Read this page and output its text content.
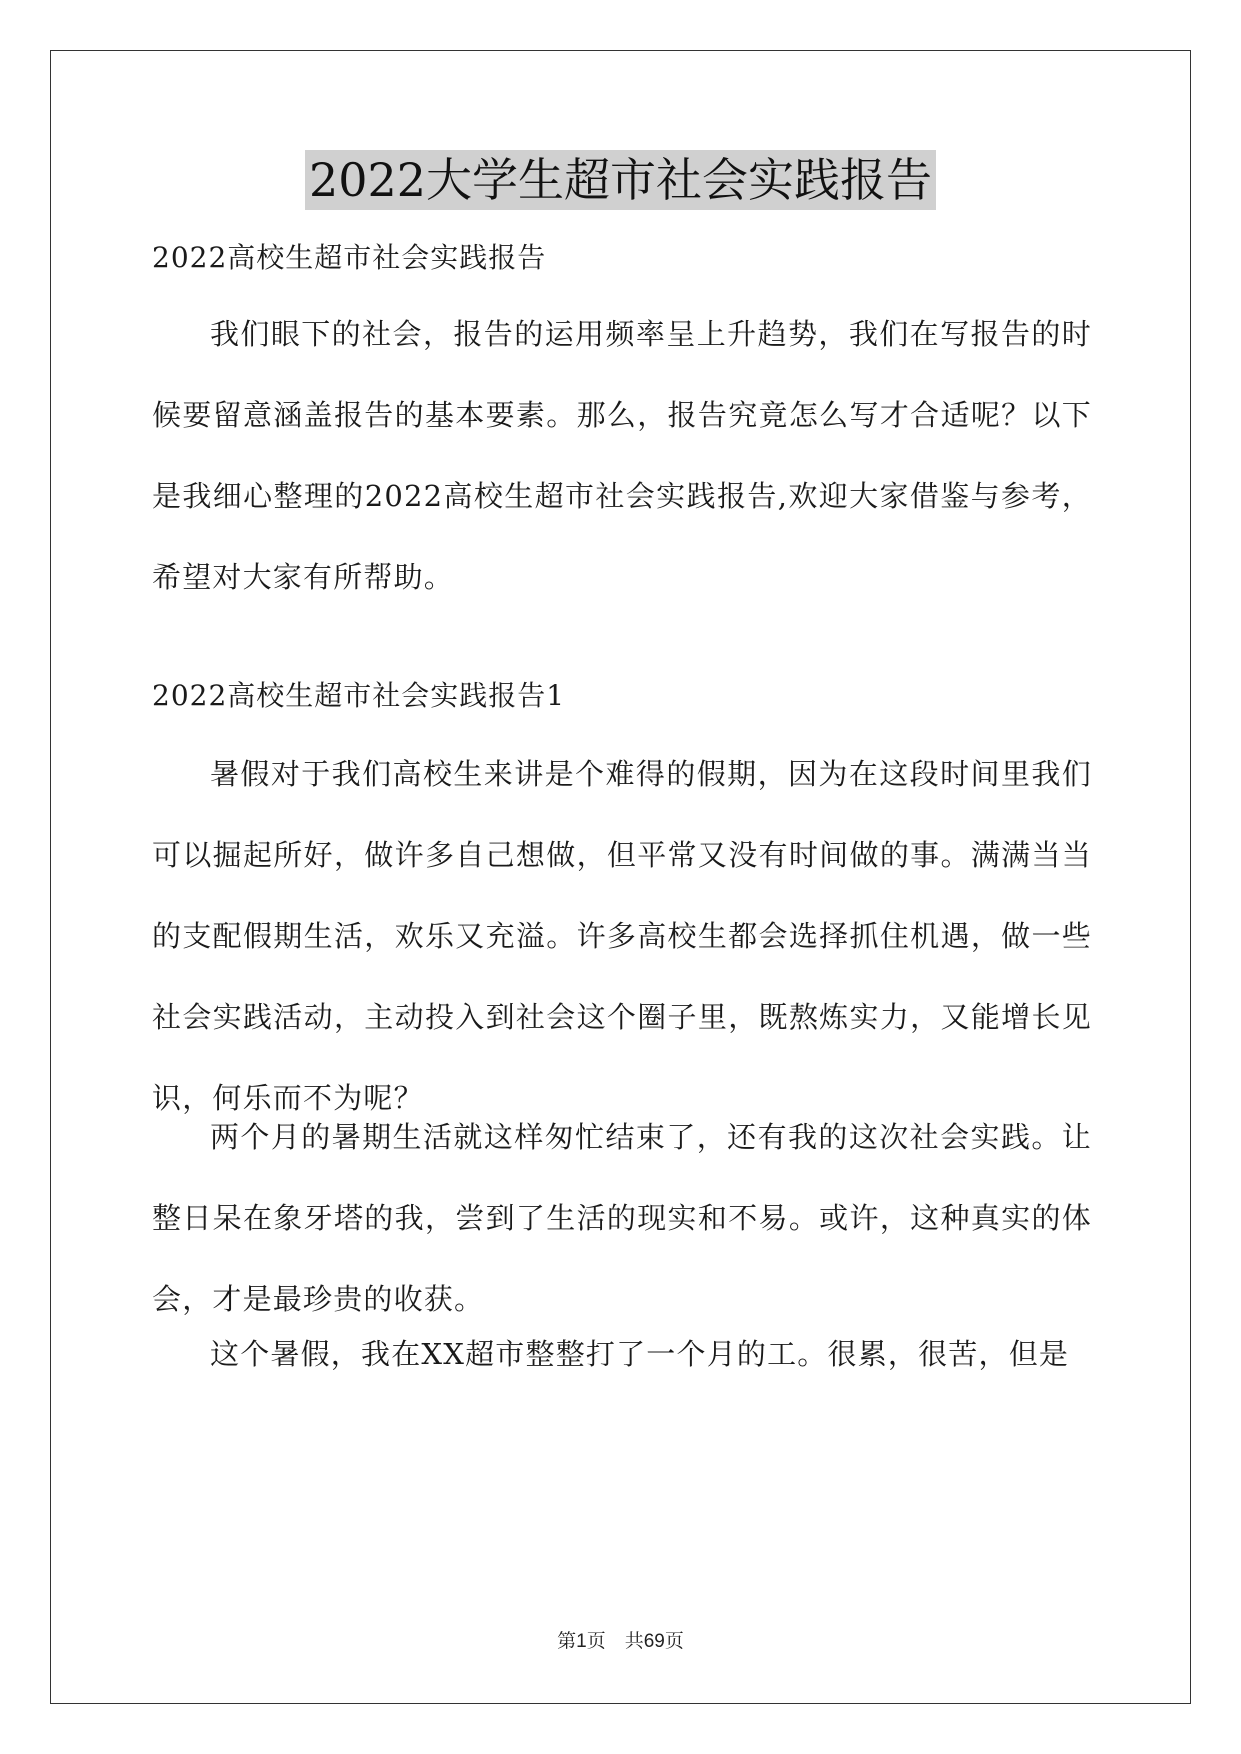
2022大学生超市社会实践报告
2022高校生超市社会实践报告

我们眼下的社会，报告的运用频率呈上升趋势，我们在写报告的时候要留意涵盖报告的基本要素。那么，报告究竟怎么写才合适呢？以下是我细心整理的2022高校生超市社会实践报告,欢迎大家借鉴与参考，希望对大家有所帮助。

2022高校生超市社会实践报告1

暑假对于我们高校生来讲是个难得的假期，因为在这段时间里我们可以掘起所好，做许多自己想做，但平常又没有时间做的事。满满当当的支配假期生活，欢乐又充溢。许多高校生都会选择抓住机遇，做一些社会实践活动，主动投入到社会这个圈子里，既熬炼实力，又能增长见识，何乐而不为呢？

两个月的暑期生活就这样匆忙结束了，还有我的这次社会实践。让整日呆在象牙塔的我，尝到了生活的现实和不易。或许，这种真实的体会，才是最珍贵的收获。

这个暑假，我在XX超市整整打了一个月的工。很累，很苦，但是

第1页　共69页
